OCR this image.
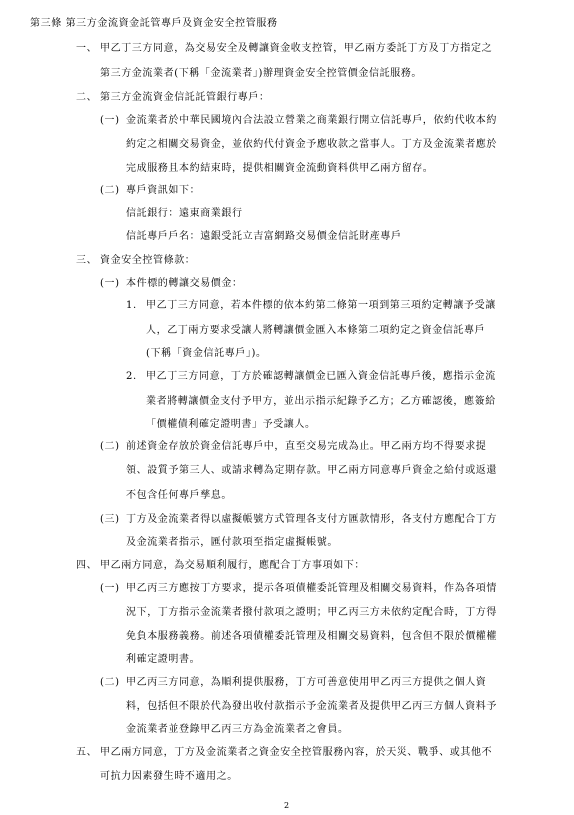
第三條 第三方金流資金託管專戶及資金安全控管服務
一、 甲乙丁三方同意，為交易安全及轉讓資金收支控管，甲乙兩方委託丁方及丁方指定之
第三方金流業者(下稱「金流業者」)辦理資金安全控管價金信託服務。
二、 第三方金流資金信託託管銀行專戶：
(一) 金流業者於中華民國境內合法設立營業之商業銀行開立信託專戶，依約代收本約
約定之相關交易資金，並依約代付資金予應收款之當事人。丁方及金流業者應於
完成服務且本約結束時，提供相關資金流動資料供甲乙兩方留存。
(二) 專戶資訊如下：
信託銀行：遠東商業銀行
信託專戶戶名：遠銀受託立吉富網路交易價金信託財產專戶
三、 資金安全控管條款：
(一) 本件標的轉讓交易價金：
1. 甲乙丁三方同意，若本件標的依本約第二條第一項到第三項約定轉讓予受讓
人，乙丁兩方要求受讓人將轉讓價金匯入本條第二項約定之資金信託專戶
(下稱「資金信託專戶」)。
2. 甲乙丁三方同意，丁方於確認轉讓價金已匯入資金信託專戶後，應指示金流
業者將轉讓價金支付予甲方，並出示指示紀錄予乙方；乙方確認後，應簽給
「價權債利確定證明書」予受讓人。
(二) 前述資金存放於資金信託專戶中，直至交易完成為止。甲乙兩方均不得要求提
領、設質予第三人、或請求轉為定期存款。甲乙兩方同意專戶資金之給付或返還
不包含任何專戶孳息。
(三) 丁方及金流業者得以虛擬帳號方式管理各支付方匯款情形，各支付方應配合丁方
及金流業者指示，匯付款項至指定虛擬帳號。
四、 甲乙兩方同意，為交易順利履行，應配合丁方事項如下：
(一) 甲乙丙三方應按丁方要求，提示各項債權委託管理及相關交易資料，作為各項情
況下，丁方指示金流業者撥付款項之證明；甲乙丙三方未依約定配合時，丁方得
免負本服務義務。前述各項債權委託管理及相關交易資料，包含但不限於價權權
利確定證明書。
(二) 甲乙丙三方同意，為順利提供服務，丁方可善意使用甲乙丙三方提供之個人資
料，包括但不限於代為發出收付款指示予金流業者及提供甲乙丙三方個人資料予
金流業者並登錄甲乙丙三方為金流業者之會員。
五、 甲乙兩方同意，丁方及金流業者之資金安全控管服務內容，於天災、戰爭、或其他不
可抗力因素發生時不適用之。
2
